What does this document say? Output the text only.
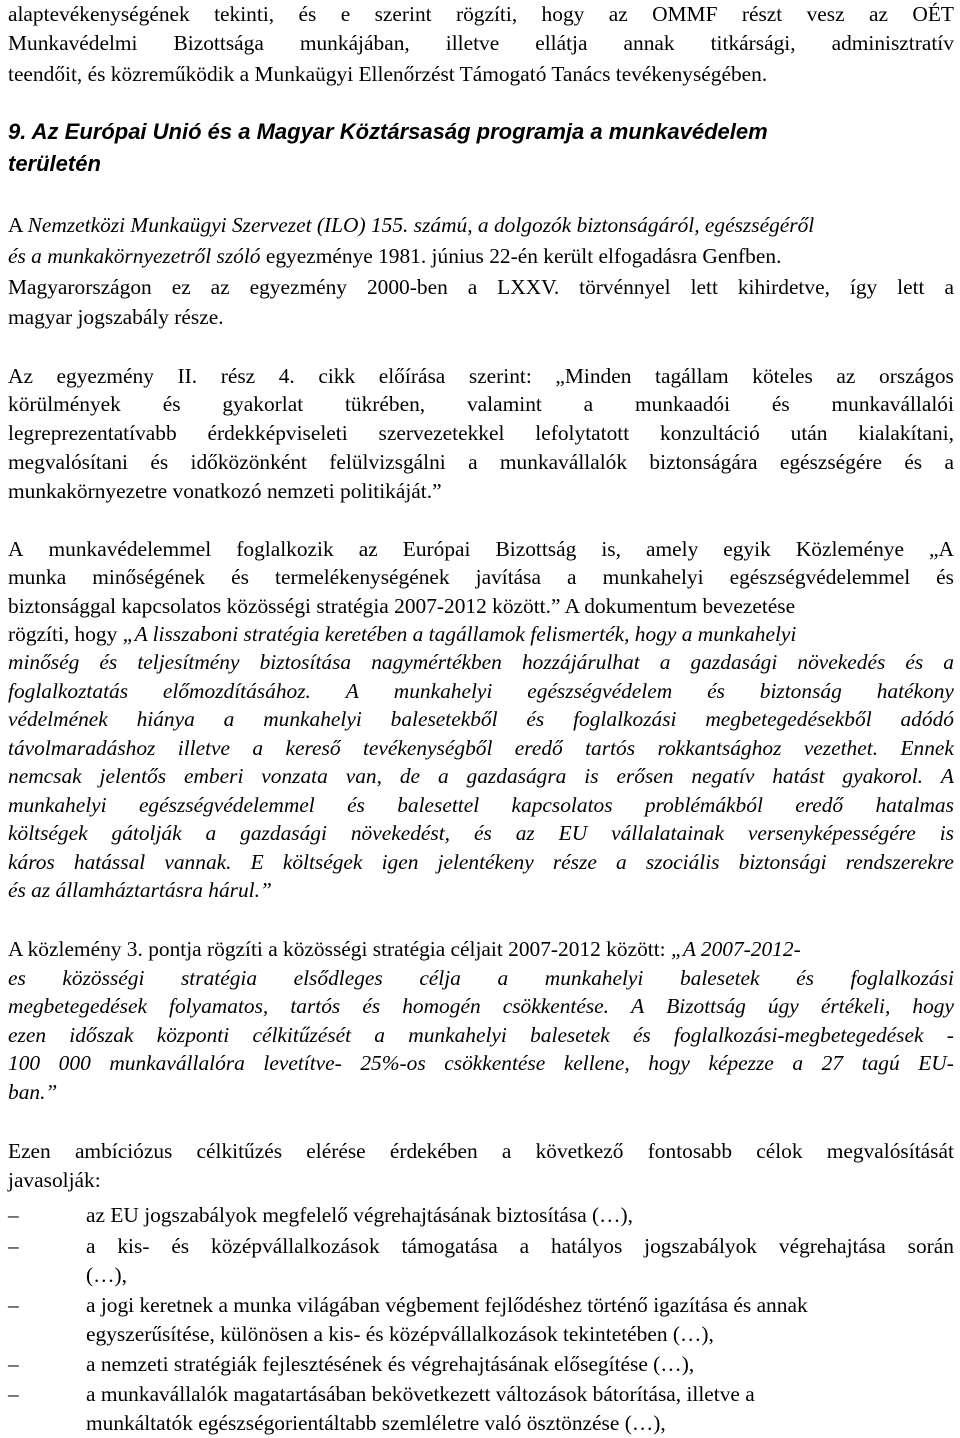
alaptevékenységének tekinti, és e szerint rögzíti, hogy az OMMF részt vesz az OÉT

Munkavédelmi Bizottsága munkájában, illetve ellátja annak titkársági, adminisztratív

teendőit, és közreműködik a Munkaügyi Ellenőrzést Támogató Tanács tevékenységében.

9. Az Európai Unió és a Magyar Köztársaság programja a munkavédelem
területén

A Nemzetközi Munkaügyi Szervezet (ILO) 155. számú, a dolgozók biztonságáról, egészségéről

és a munkakörnyezetről szóló egyezménye 1981. június 22-én került elfogadásra Genfben.

Magyarországon ez az egyezmény 2000-ben a LXXV. törvénnyel lett kihirdetve, így lett a

magyar jogszabály része.

Az egyezmény II. rész 4. cikk előírása szerint: „Minden tagállam köteles az országos

körülmények és gyakorlat tükrében, valamint a munkaadói és munkavállalói

legreprezentatívabb érdekképviseleti szervezetekkel lefolytatott konzultáció után kialakítani,

megvalósítani és időközönként felülvizsgálni a munkavállalók biztonságára egészségére és a

munkakörnyezetre vonatkozó nemzeti politikáját.”

A munkavédelemmel foglalkozik az Európai Bizottság is, amely egyik Közleménye „A

munka minőségének és termelékenységének javítása a munkahelyi egészségvédelemmel és

biztonsággal kapcsolatos közösségi stratégia 2007-2012 között.” A dokumentum bevezetése

rögzíti, hogy „A lisszaboni stratégia keretében a tagállamok felismerték, hogy a munkahelyi

minőség és teljesítmény biztosítása nagymértékben hozzájárulhat a gazdasági növekedés és a

foglalkoztatás előmozdításához. A munkahelyi egészségvédelem és biztonság hatékony

védelmének hiánya a munkahelyi balesetekből és foglalkozási megbetegedésekből adódó

távolmaradáshoz illetve a kereső tevékenységből eredő tartós rokkantsághoz vezethet. Ennek

nemcsak jelentős emberi vonzata van, de a gazdaságra is erősen negatív hatást gyakorol. A

munkahelyi egészségvédelemmel és balesettel kapcsolatos problémákból eredő hatalmas

költségek gátolják a gazdasági növekedést, és az EU vállalatainak versenyképességére is

káros hatással vannak. E költségek igen jelentékeny része a szociális biztonsági rendszerekre

és az államháztartásra hárul.”

A közlemény 3. pontja rögzíti a közösségi stratégia céljait 2007-2012 között: „A 2007-2012-

es közösségi stratégia elsődleges célja a munkahelyi balesetek és foglalkozási

megbetegedések folyamatos, tartós és homogén csökkentése. A Bizottság úgy értékeli, hogy

ezen időszak központi célkitűzését a munkahelyi balesetek és foglalkozási-megbetegedések -

100 000 munkavállalóra levetítve- 25%-os csökkentése kellene, hogy képezze a 27 tagú EU-

ban.”

Ezen ambíciózus célkitűzés elérése érdekében a következő fontosabb célok megvalósítását

javasolják:

–	az EU jogszabályok megfelelő végrehajtásának biztosítása (…),

–	a kis- és középvállalkozások támogatása a hatályos jogszabályok végrehajtása során

(…),

–	a jogi keretnek a munka világában végbement fejlődéshez történő igazítása és annak

egyszerűsítése, különösen a kis- és középvállalkozások tekintetében (…),

–	a nemzeti stratégiák fejlesztésének és végrehajtásának elősegítése (…),

–	a munkavállalók magatartásában bekövetkezett változások bátorítása, illetve a

munkáltatók egészségorientáltabb szemléletre való ösztönzése (…),
